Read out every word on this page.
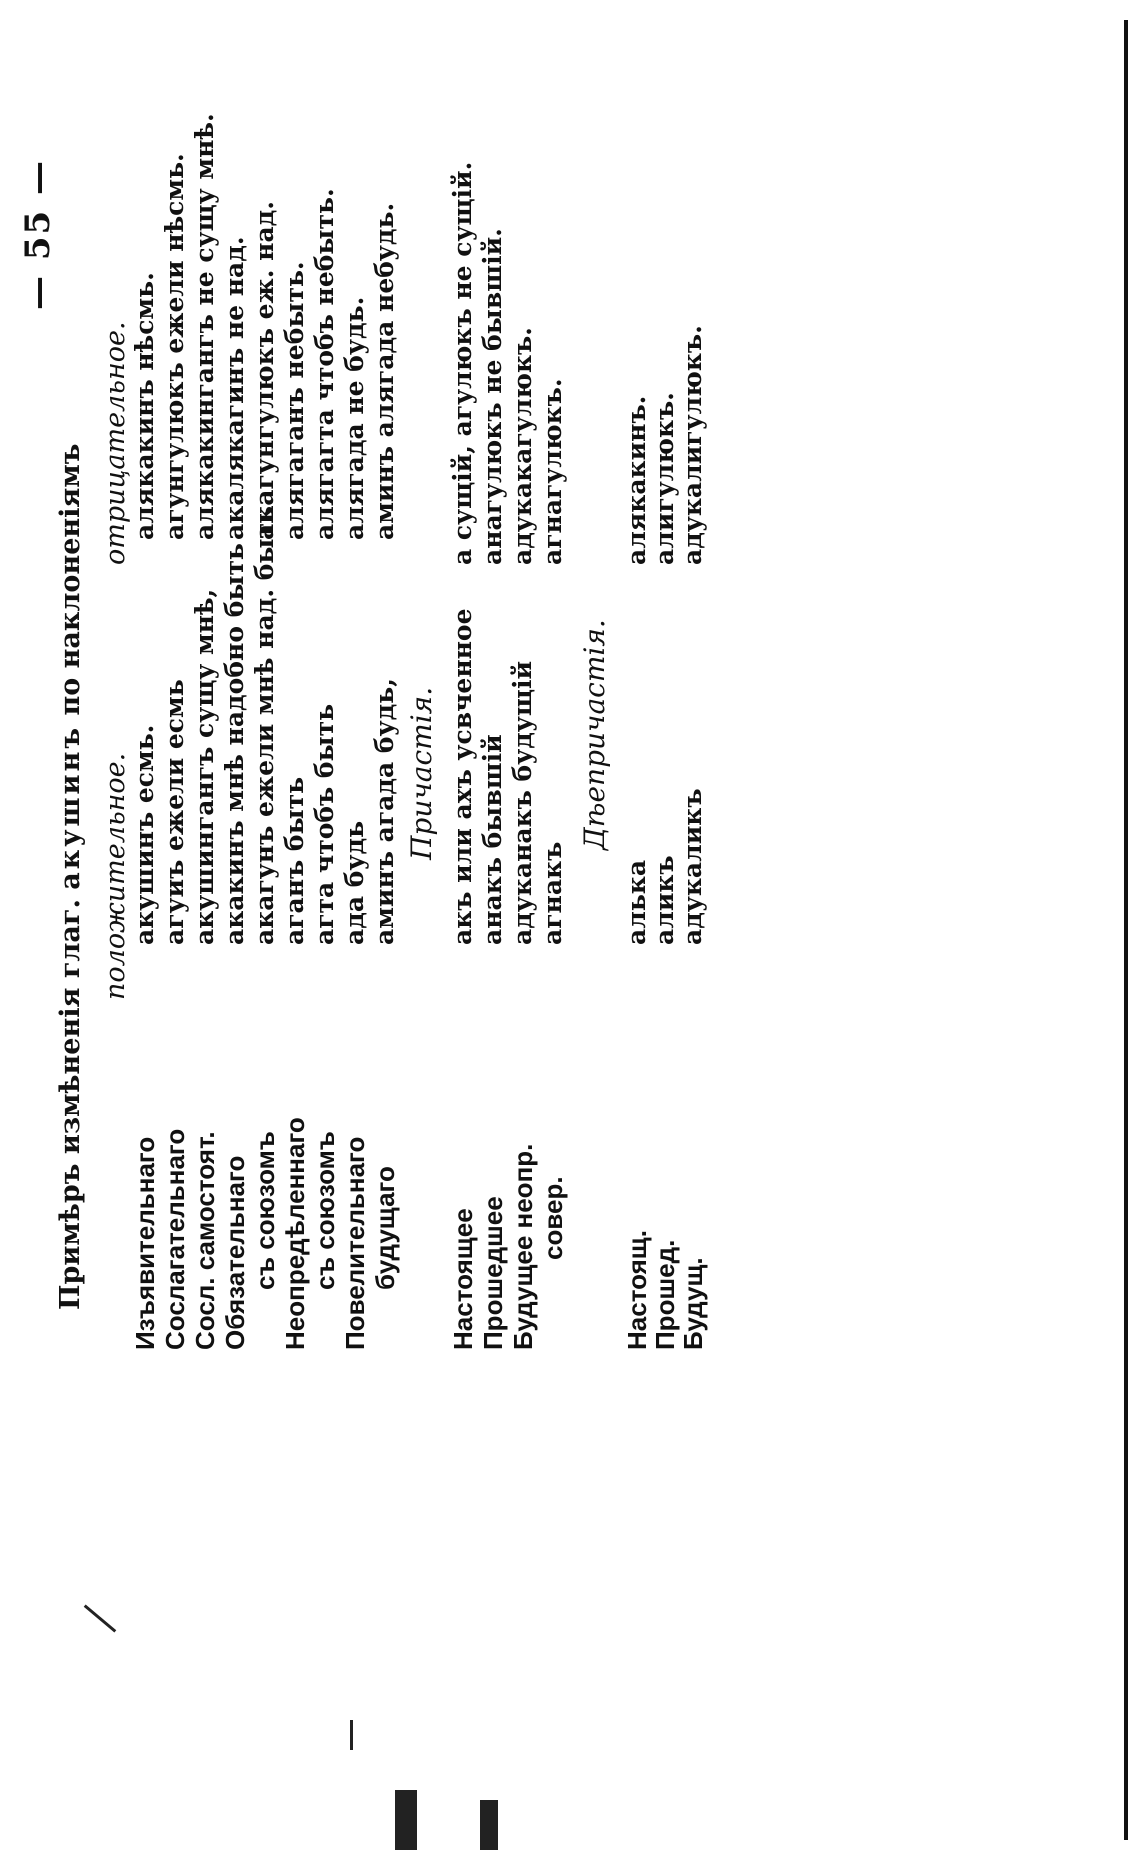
— 55 —
Примѣръ измѣненія глаг. акушинъ по наклоненіямъ
положительное.
отрицательное.
Изъявительнаго
акушинъ есмь.
алякакинъ нѣсмь.
Сослагательнаго
агуиъ ежели есмь
агунгулюкъ ежели нѣсмь.
Сосл. самостоят.
акушингангъ сущу мнѣ,
алякакингангъ не сущу мнѣ.
Обязательнаго
акакинъ мнѣ надобно быть
акалякагинъ не над.
съ союзомъ
акагунъ ежели мнѣ над. быть
акагунгулюкъ еж. над.
Неопредѣленнаго
аганъ быть
алягаганъ небыть.
съ союзомъ
агта чтобъ быть
алягагта чтобъ небыть.
Повелительнаго
ада будь
алягада не будь.
будущаго
аминъ агада будь,
аминъ алягада небудь.
Причастія.
Настоящее
акъ или ахъ усвченное
а сущій, агулюкъ не сущій.
Прошедшее
анакъ бывшій
анагулюкъ не бывшій.
Будущее неопр.
адуканакъ будущій
адукакагулюкъ.
совер.
агнакъ
агнагулюкъ.
Дѣепричастія.
Настоящ.
алька
алякакинъ.
Прошед.
аликъ
алигулюкъ.
Будущ.
адукаликъ
адукалигулюкъ.
